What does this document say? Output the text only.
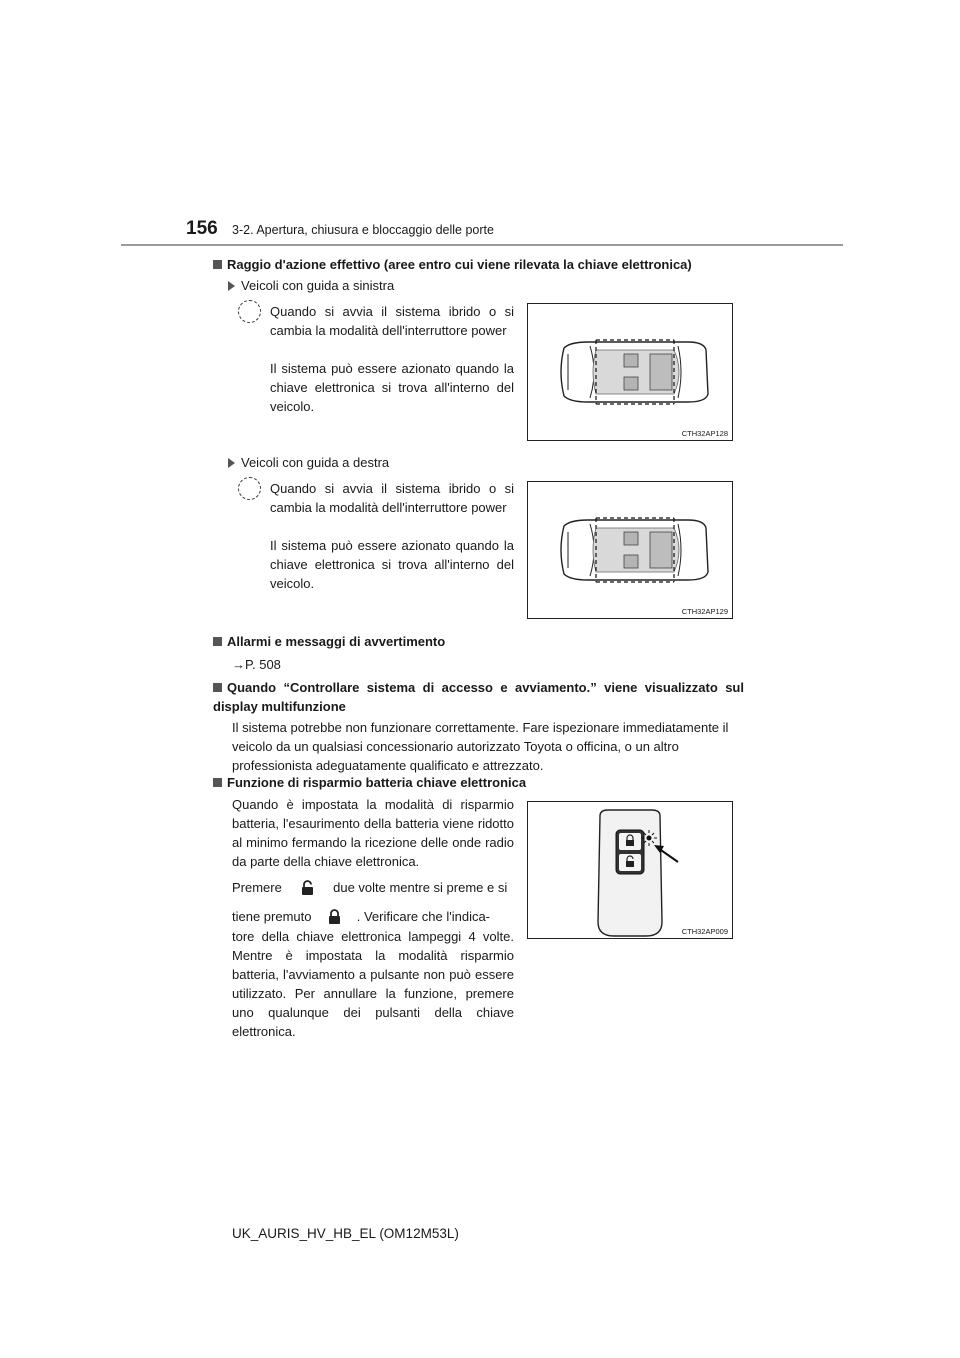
156 3-2. Apertura, chiusura e bloccaggio delle porte
Raggio d'azione effettivo (aree entro cui viene rilevata la chiave elettronica)
Veicoli con guida a sinistra
Quando si avvia il sistema ibrido o si cambia la modalità dell'interruttore power
Il sistema può essere azionato quando la chiave elettronica si trova all'interno del veicolo.
CTH32AP128
Veicoli con guida a destra
Quando si avvia il sistema ibrido o si cambia la modalità dell'interruttore power
Il sistema può essere azionato quando la chiave elettronica si trova all'interno del veicolo.
CTH32AP129
Allarmi e messaggi di avvertimento
→P. 508
Quando “Controllare sistema di accesso e avviamento.” viene visualizzato sul display multifunzione
Il sistema potrebbe non funzionare correttamente. Fare ispezionare immediatamente il veicolo da un qualsiasi concessionario autorizzato Toyota o officina, o un altro professionista adeguatamente qualificato e attrezzato.
Funzione di risparmio batteria chiave elettronica
Quando è impostata la modalità di risparmio batteria, l'esaurimento della batteria viene ridotto al minimo fermando la ricezione delle onde radio da parte della chiave elettronica.
Premere	due volte mentre si preme e si
tiene premuto	. Verificare che l'indica-
tore della chiave elettronica lampeggi 4 volte. Mentre è impostata la modalità risparmio batteria, l'avviamento a pulsante non può essere utilizzato. Per annullare la funzione, premere uno qualunque dei pulsanti della chiave elettronica.
CTH32AP009
UK_AURIS_HV_HB_EL (OM12M53L)
